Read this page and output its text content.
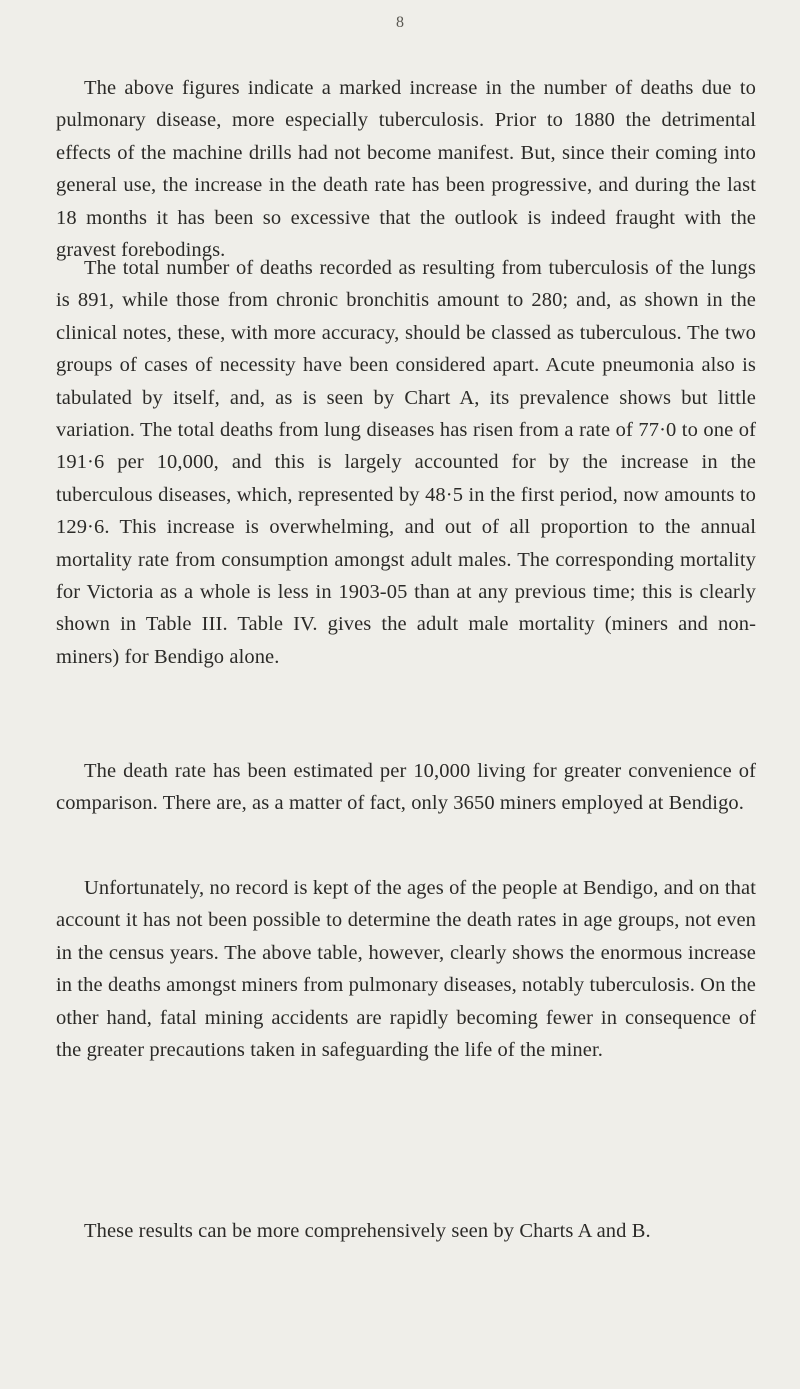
8

The above figures indicate a marked increase in the number of deaths due to pulmonary disease, more especially tuberculosis. Prior to 1880 the detrimental effects of the machine drills had not become manifest. But, since their coming into general use, the increase in the death rate has been progressive, and during the last 18 months it has been so excessive that the outlook is indeed fraught with the gravest forebodings.

The total number of deaths recorded as resulting from tuberculosis of the lungs is 891, while those from chronic bronchitis amount to 280; and, as shown in the clinical notes, these, with more accuracy, should be classed as tuberculous. The two groups of cases of necessity have been considered apart. Acute pneumonia also is tabulated by itself, and, as is seen by Chart A, its prevalence shows but little variation. The total deaths from lung diseases has risen from a rate of 77·0 to one of 191·6 per 10,000, and this is largely accounted for by the increase in the tuberculous diseases, which, represented by 48·5 in the first period, now amounts to 129·6. This increase is overwhelming, and out of all proportion to the annual mortality rate from consumption amongst adult males. The corresponding mortality for Victoria as a whole is less in 1903-05 than at any previous time; this is clearly shown in Table III. Table IV. gives the adult male mortality (miners and non-miners) for Bendigo alone.

The death rate has been estimated per 10,000 living for greater convenience of comparison. There are, as a matter of fact, only 3650 miners employed at Bendigo.

Unfortunately, no record is kept of the ages of the people at Bendigo, and on that account it has not been possible to determine the death rates in age groups, not even in the census years. The above table, however, clearly shows the enormous increase in the deaths amongst miners from pulmonary diseases, notably tuberculosis. On the other hand, fatal mining accidents are rapidly becoming fewer in consequence of the greater precautions taken in safeguarding the life of the miner.

These results can be more comprehensively seen by Charts A and B.
